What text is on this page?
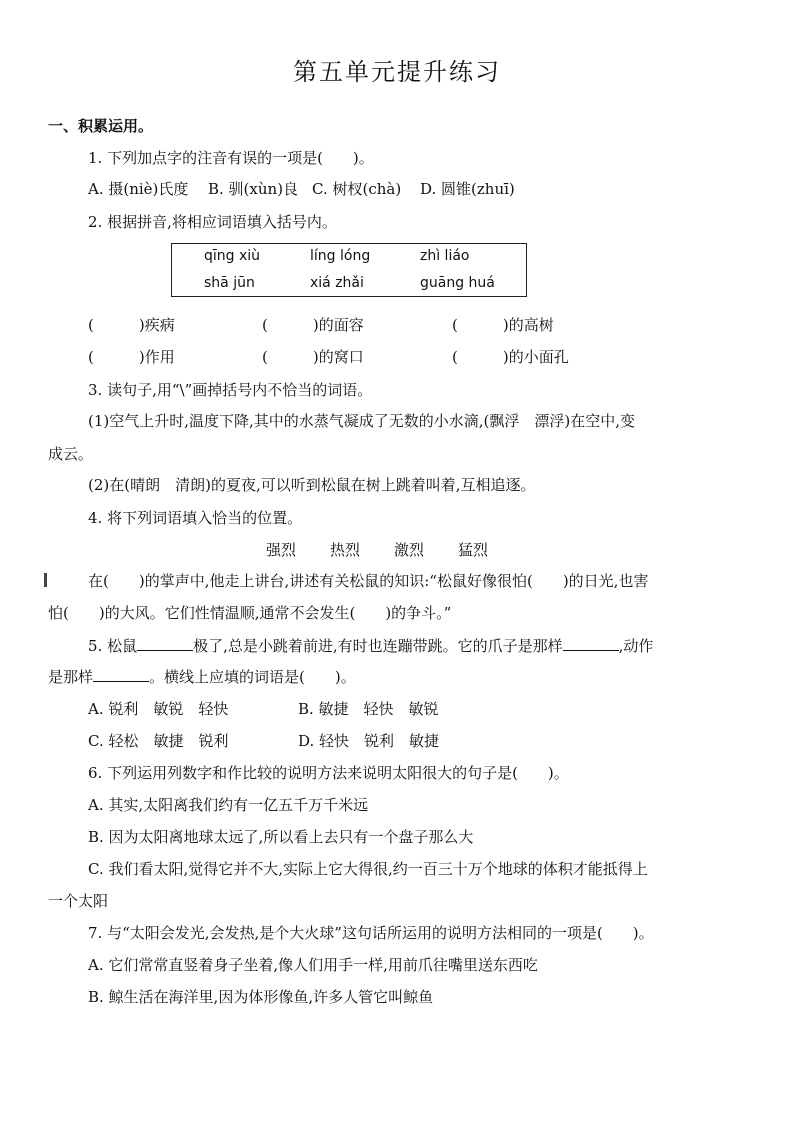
第五单元提升练习
一、积累运用。
1. 下列加点字的注音有误的一项是(　　)。
A. 摄(niè)氏度 B. 驯(xùn)良 C. 树杈(chà) D. 圆锥(zhuī)
2. 根据拼音,将相应词语填入括号内。
qīng xiù	líng lóng	zhì liáo
shā jūn	xiá zhǎi	guāng huá
(　　　)疾病	(　　　)的面容	(　　　)的高树
(　　　)作用	(　　　)的窝口	(　　　)的小面孔
3. 读句子,用“\”画掉括号内不恰当的词语。
(1)空气上升时,温度下降,其中的水蒸气凝成了无数的小水滴,(飘浮　漂浮)在空中,变
成云。
(2)在(晴朗　清朗)的夏夜,可以听到松鼠在树上跳着叫着,互相追逐。
4. 将下列词语填入恰当的位置。
强烈 热烈 激烈 猛烈
在(　　)的掌声中,他走上讲台,讲述有关松鼠的知识:“松鼠好像很怕(　　)的日光,也害
怕(　　)的大风。它们性情温顺,通常不会发生(　　)的争斗。”
5. 松鼠	极了,总是小跳着前进,有时也连蹦带跳。它的爪子是那样	,动作
是那样	。横线上应填的词语是(　　)。
A. 锐利　敏锐　轻快	B. 敏捷　轻快　敏锐
C. 轻松　敏捷　锐利	D. 轻快　锐利　敏捷
6. 下列运用列数字和作比较的说明方法来说明太阳很大的句子是(　　)。
A. 其实,太阳离我们约有一亿五千万千米远
B. 因为太阳离地球太远了,所以看上去只有一个盘子那么大
C. 我们看太阳,觉得它并不大,实际上它大得很,约一百三十万个地球的体积才能抵得上
一个太阳
7. 与“太阳会发光,会发热,是个大火球”这句话所运用的说明方法相同的一项是(　　)。
A. 它们常常直竖着身子坐着,像人们用手一样,用前爪往嘴里送东西吃
B. 鲸生活在海洋里,因为体形像鱼,许多人管它叫鲸鱼
